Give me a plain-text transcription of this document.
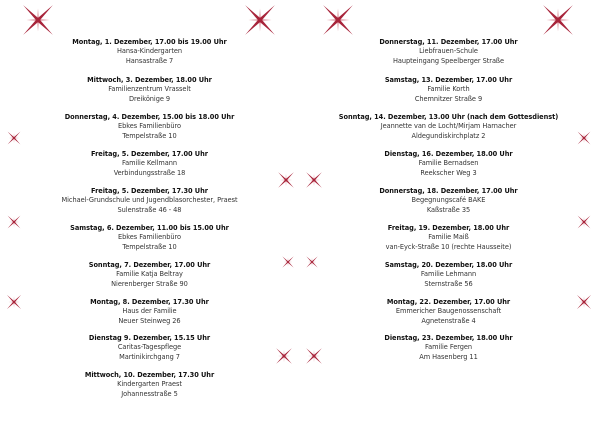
Montag, 1. Dezember, 17.00 bis 19.00 Uhr
Hansa-Kindergarten
Hansastraße 7
Mittwoch, 3. Dezember, 18.00 Uhr
Familienzentrum Vrasselt
Dreikönige 9
Donnerstag, 4. Dezember, 15.00 bis 18.00 Uhr
Ebkes Familienbüro
Tempelstraße 10
Freitag, 5. Dezember, 17.00 Uhr
Familie Kellmann
Verbindungsstraße 18
Freitag, 5. Dezember, 17.30 Uhr
Michael-Grundschule und Jugendblasorchester, Praest
Sulenstraße 46 - 48
Samstag, 6. Dezember, 11.00 bis 15.00 Uhr
Ebkes Familienbüro
Tempelstraße 10
Sonntag, 7. Dezember, 17.00 Uhr
Familie Katja Beltray
Nierenberger Straße 90
Montag, 8. Dezember, 17.30 Uhr
Haus der Familie
Neuer Steinweg 26
Dienstag 9. Dezember, 15.15 Uhr
Caritas-Tagespflege
Martinikirchgang 7
Mittwoch, 10. Dezember, 17.30 Uhr
Kindergarten Praest
Johannesstraße 5
Donnerstag, 11. Dezember, 17.00 Uhr
Liebfrauen-Schule
Haupteingang Speelberger Straße
Samstag, 13. Dezember, 17.00 Uhr
Familie Korth
Chemnitzer Straße 9
Sonntag, 14. Dezember, 13.00 Uhr (nach dem Gottesdienst)
Jeannette van de Locht/Mirjam Harnacher
Aldegundiskirchplatz 2
Dienstag, 16. Dezember, 18.00 Uhr
Familie Bernadsen
Reekscher Weg 3
Donnerstag, 18. Dezember, 17.00 Uhr
Begegnungscafé BAKE
Kaßstraße 35
Freitag, 19. Dezember, 18.00 Uhr
Familie Maiß
van-Eyck-Straße 10 (rechte Hausseite)
Samstag, 20. Dezember, 18.00 Uhr
Familie Lehmann
Sternstraße 56
Montag, 22. Dezember, 17.00 Uhr
Emmericher Baugenossenschaft
Agnetenstraße 4
Dienstag, 23. Dezember, 18.00 Uhr
Familie Fergen
Am Hasenberg 11
